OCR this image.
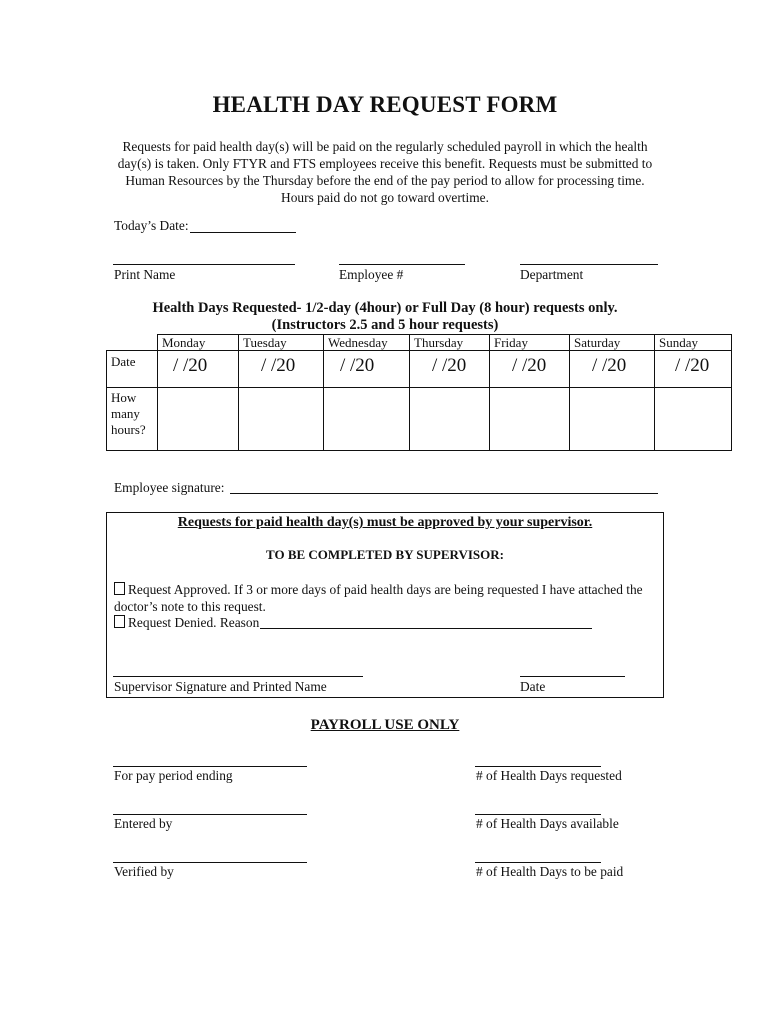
HEALTH DAY REQUEST FORM
Requests for paid health day(s) will be paid on the regularly scheduled payroll in which the health day(s) is taken. Only FTYR and FTS employees receive this benefit. Requests must be submitted to Human Resources by the Thursday before the end of the pay period to allow for processing time. Hours paid do not go toward overtime.
Today’s Date:
Print Name	Employee #	Department
Health Days Requested- 1/2-day (4hour) or Full Day (8 hour) requests only.
(Instructors 2.5 and 5 hour requests)
	Monday	Tuesday	Wednesday	Thursday	Friday	Saturday	Sunday
Date	/ /20	/ /20	/ /20	/ /20	/ /20	/ /20	/ /20
How many hours?							
Employee signature:
Requests for paid health day(s) must be approved by your supervisor.
TO BE COMPLETED BY SUPERVISOR:
Request Approved. If 3 or more days of paid health days are being requested I have attached the doctor’s note to this request.
Request Denied. Reason
Supervisor Signature and Printed Name	Date
PAYROLL USE ONLY
For pay period ending	# of Health Days requested
Entered by	# of Health Days available
Verified by	# of Health Days to be paid
